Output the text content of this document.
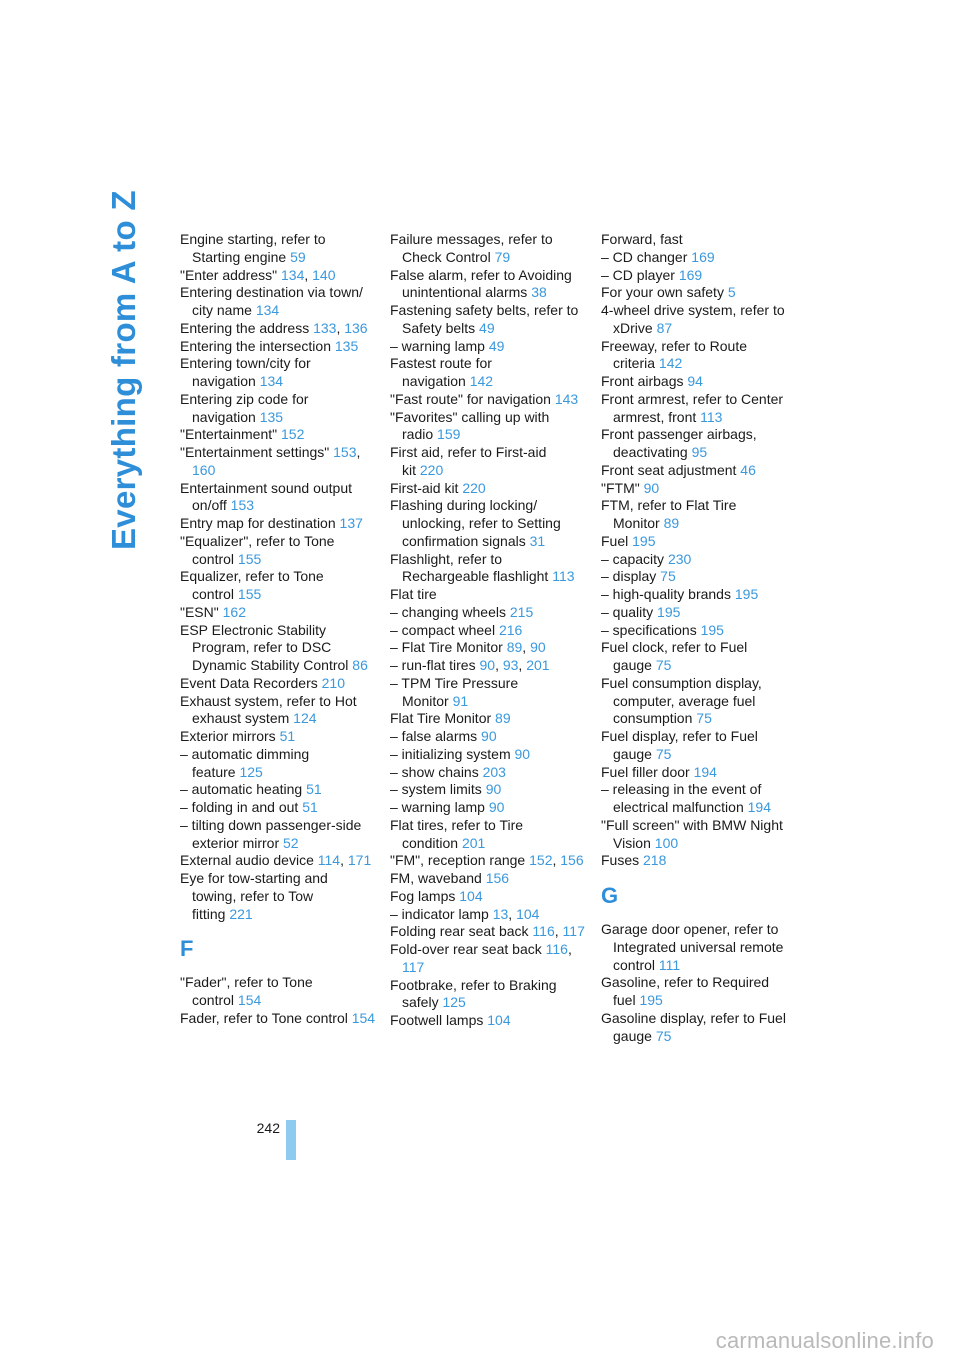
Everything from A to Z	Engine starting, refer to Starting engine 59
"Enter address" 134, 140
Entering destination via town/ city name 134
Entering the address 133, 136
Entering the intersection 135
Entering town/city for navigation 134
Entering zip code for navigation 135
"Entertainment" 152
"Entertainment settings" 153, 160
Entertainment sound output on/off 153
Entry map for destination 137
"Equalizer", refer to Tone control 155
Equalizer, refer to Tone control 155
"ESN" 162
ESP Electronic Stability Program, refer to DSC Dynamic Stability Control 86
Event Data Recorders 210
Exhaust system, refer to Hot exhaust system 124
Exterior mirrors 51
– automatic dimming feature 125
– automatic heating 51
– folding in and out 51
– tilting down passenger-side exterior mirror 52
External audio device 114, 171
Eye for tow-starting and towing, refer to Tow fitting 221
F
"Fader", refer to Tone control 154
Fader, refer to Tone control 154
Failure messages, refer to Check Control 79
False alarm, refer to Avoiding unintentional alarms 38
Fastening safety belts, refer to Safety belts 49
– warning lamp 49
Fastest route for navigation 142
"Fast route" for navigation 143
"Favorites" calling up with radio 159
First aid, refer to First-aid kit 220
First-aid kit 220
Flashing during locking/ unlocking, refer to Setting confirmation signals 31
Flashlight, refer to Rechargeable flashlight 113
Flat tire
– changing wheels 215
– compact wheel 216
– Flat Tire Monitor 89, 90
– run-flat tires 90, 93, 201
– TPM Tire Pressure Monitor 91
Flat Tire Monitor 89
– false alarms 90
– initializing system 90
– show chains 203
– system limits 90
– warning lamp 90
Flat tires, refer to Tire condition 201
"FM", reception range 152, 156
FM, waveband 156
Fog lamps 104
– indicator lamp 13, 104
Folding rear seat back 116, 117
Fold-over rear seat back 116, 117
Footbrake, refer to Braking safely 125
Footwell lamps 104
Forward, fast
– CD changer 169
– CD player 169
For your own safety 5
4-wheel drive system, refer to xDrive 87
Freeway, refer to Route criteria 142
Front airbags 94
Front armrest, refer to Center armrest, front 113
Front passenger airbags, deactivating 95
Front seat adjustment 46
"FTM" 90
FTM, refer to Flat Tire Monitor 89
Fuel 195
– capacity 230
– display 75
– high-quality brands 195
– quality 195
– specifications 195
Fuel clock, refer to Fuel gauge 75
Fuel consumption display, computer, average fuel consumption 75
Fuel display, refer to Fuel gauge 75
Fuel filler door 194
– releasing in the event of electrical malfunction 194
"Full screen" with BMW Night Vision 100
Fuses 218
G
Garage door opener, refer to Integrated universal remote control 111
Gasoline, refer to Required fuel 195
Gasoline display, refer to Fuel gauge 75
242
carmanualsonline.info
